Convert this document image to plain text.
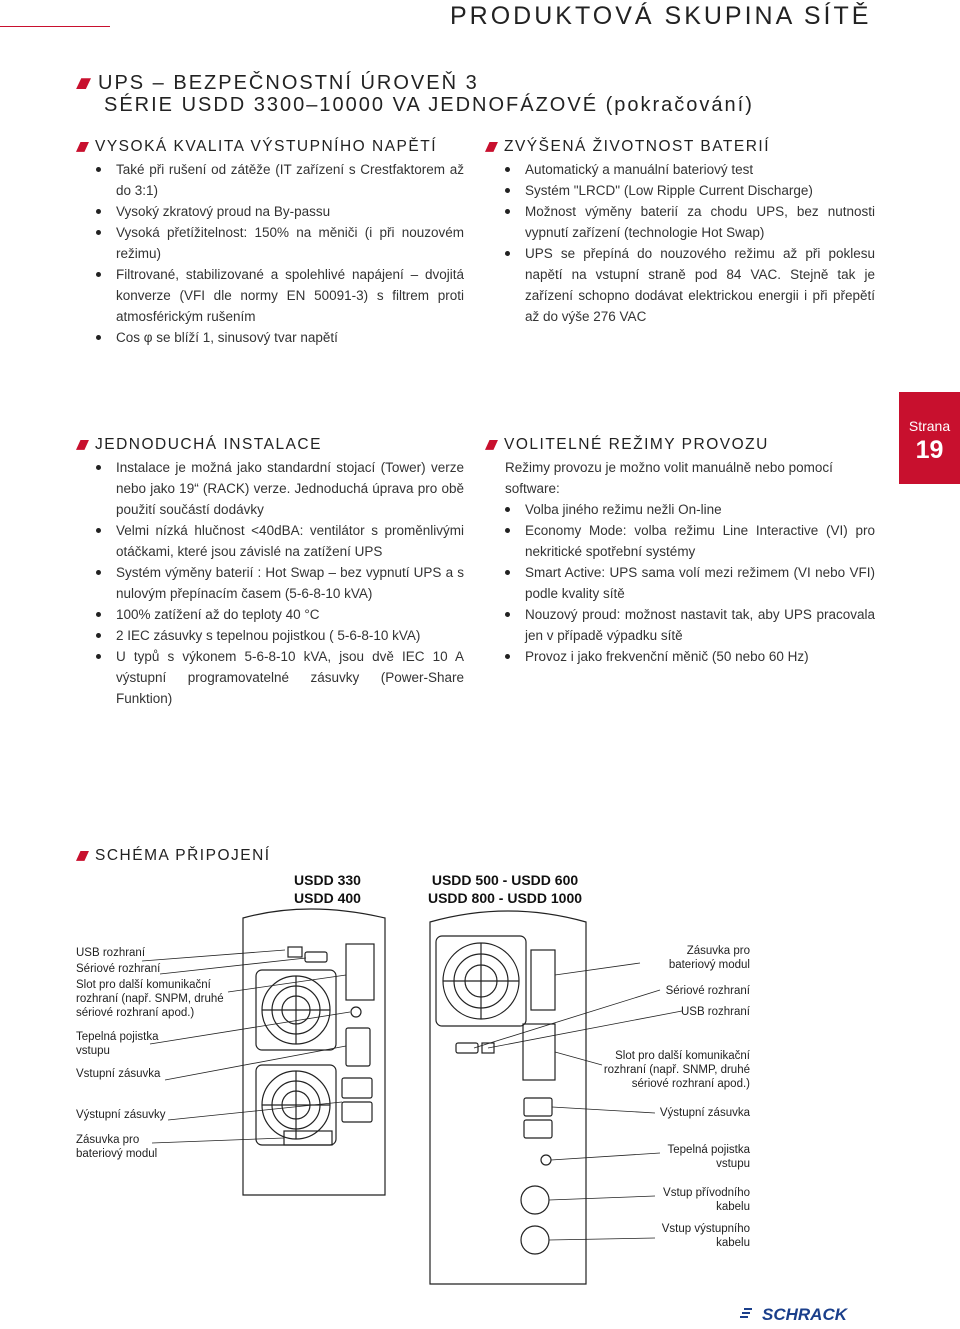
PRODUKTOVÁ SKUPINA SÍTĚ
UPS – BEZPEČNOSTNÍ ÚROVEŇ 3
SÉRIE USDD 3300–10000 VA JEDNOFÁZOVÉ (pokračování)
VYSOKÁ KVALITA VÝSTUPNÍHO NAPĚTÍ
Také při rušení od zátěže (IT zařízení s Crestfaktorem až do 3:1)
Vysoký zkratový proud na By-passu
Vysoká přetížitelnost: 150% na měniči (i při nouzovém režimu)
Filtrované, stabilizované a spolehlivé napájení – dvojitá konverze (VFI dle normy EN 50091-3) s filtrem proti atmosférickým rušením
Cos φ se blíží 1, sinusový tvar napětí
ZVÝŠENÁ ŽIVOTNOST BATERIÍ
Automatický a manuální bateriový test
Systém "LRCD" (Low Ripple Current Discharge)
Možnost výměny baterií za chodu UPS, bez nutnosti vypnutí zařízení (technologie Hot Swap)
UPS se přepíná do nouzového režimu až při poklesu napětí na vstupní straně pod 84 VAC. Stejně tak je zařízení schopno dodávat elektrickou energii i při přepětí až do výše 276 VAC
Strana
19
JEDNODUCHÁ INSTALACE
Instalace je možná jako standardní stojací (Tower) verze nebo jako 19“ (RACK) verze. Jednoduchá úprava pro obě použití součástí dodávky
Velmi nízká hlučnost <40dBA: ventilátor s proměnlivými otáčkami, které jsou závislé na zatížení UPS
Systém výměny baterií : Hot Swap – bez vypnutí UPS a s nulovým přepínacím časem (5-6-8-10 kVA)
100% zatížení až do teploty 40 °C
2 IEC zásuvky s tepelnou pojistkou ( 5-6-8-10 kVA)
U typů s výkonem 5-6-8-10 kVA, jsou dvě IEC 10 A výstupní programovatelné zásuvky (Power-Share Funktion)
VOLITELNÉ REŽIMY PROVOZU

Režimy provozu je možno volit manuálně nebo pomocí software:

Volba jiného režimu nežli On-line
Economy Mode: volba režimu Line Interactive (VI) pro nekritické spotřební systémy
Smart Active: UPS sama volí mezi režimem (VI nebo VFI) podle kvality sítě
Nouzový proud: možnost nastavit tak, aby UPS pracovala jen v případě výpadku sítě
Provoz i jako frekvenční měnič (50 nebo 60 Hz)
SCHÉMA PŘIPOJENÍ
USDD 330
USDD 400
USDD 500 - USDD 600
USDD 800 - USDD 1000
USB rozhraní
Sériové rozhraní
Slot pro další komunikační rozhraní (např. SNPM, druhé sériové rozhraní apod.)
Tepelná pojistka vstupu
Vstupní zásuvka
Výstupní zásuvky
Zásuvka pro bateriový modul
Zásuvka pro bateriový modul
Sériové rozhraní
USB rozhraní
Slot pro další komunikační rozhraní (např. SNMP, druhé sériové rozhraní apod.)
Výstupní zásuvka
Tepelná pojistka vstupu
Vstup přívodního kabelu
Vstup výstupního kabelu
SCHRACK
